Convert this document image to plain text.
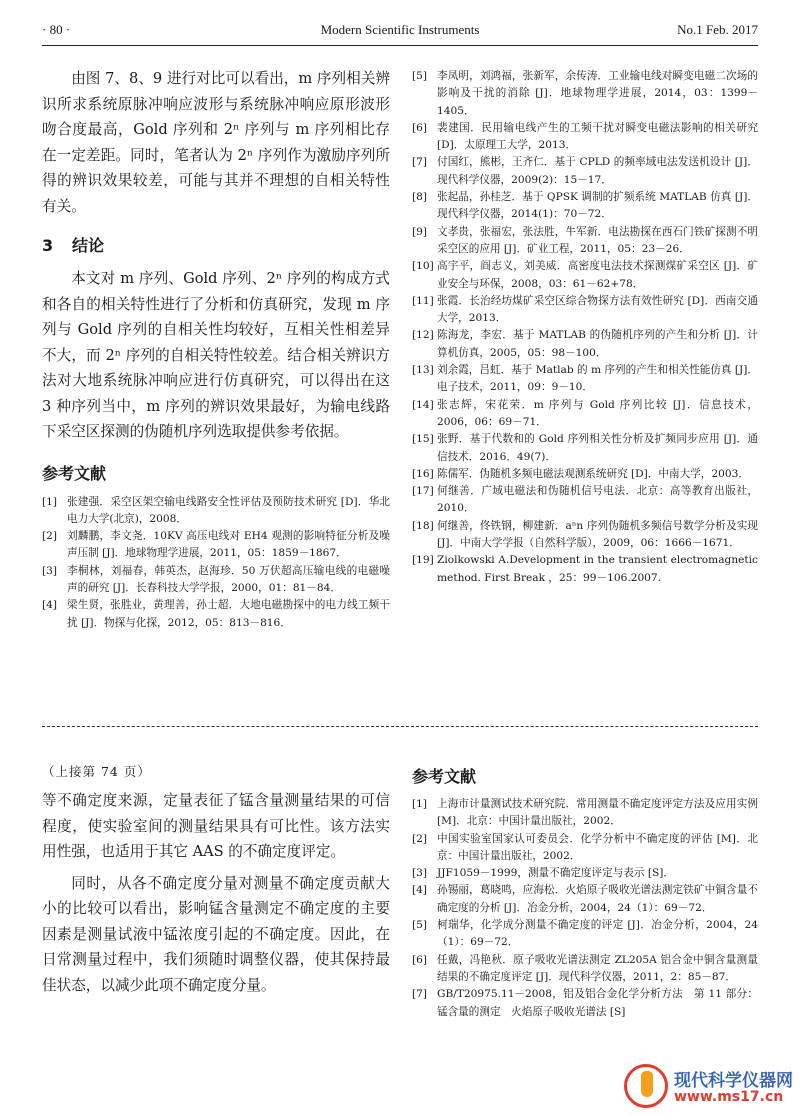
· 80 ·	Modern Scientific Instruments	No.1 Feb. 2017

由图 7、8、9 进行对比可以看出，m 序列相关辨识所求系统原脉冲响应波形与系统脉冲响应原形波形吻合度最高，Gold 序列和 2ⁿ 序列与 m 序列相比存在一定差距。同时，笔者认为 2ⁿ 序列作为激励序列所得的辨识效果较差，可能与其并不理想的自相关特性有关。

3 结论

本文对 m 序列、Gold 序列、2ⁿ 序列的构成方式和各自的相关特性进行了分析和仿真研究，发现 m 序列与 Gold 序列的自相关性均较好，互相关性相差异不大，而 2ⁿ 序列的自相关特性较差。结合相关辨识方法对大地系统脉冲响应进行仿真研究，可以得出在这 3 种序列当中，m 序列的辨识效果最好，为输电线路下采空区探测的伪随机序列选取提供参考依据。

参考文献
[1] 张建强．采空区架空输电线路安全性评估及预防技术研究 [D]．华北电力大学(北京)，2008．
[2] 刘麟鹏，李文尧．10KV 高压电线对 EH4 观测的影响特征分析及噪声压制 [J]．地球物理学进展，2011，05：1859－1867．
[3] 李桐林，刘福春，韩英杰，赵海珍．50 万伏超高压输电线的电磁噪声的研究 [J]．长春科技大学学报，2000，01：81－84．
[4] 梁生贤，张胜业，黄理善，孙士超．大地电磁勘探中的电力线工频干扰 [J]．物探与化探，2012，05：813－816．
[5] 李凤明，刘鸿福，张新军，余传涛．工业输电线对瞬变电磁二次场的影响及干扰的消除 [J]．地球物理学进展，2014，03：1399－1405．
[6] 裴建国．民用输电线产生的工频干扰对瞬变电磁法影响的相关研究 [D]．太原理工大学，2013．
[7] 付国红，熊彬，王齐仁．基于 CPLD 的频率域电法发送机设计 [J]．现代科学仪器，2009(2)：15－17．
[8] 张起晶，孙桂芝．基于 QPSK 调制的扩频系统 MATLAB 仿真 [J]．现代科学仪器，2014(1)：70－72．
[9] 文孝贵，张福宏，张法胜，牛军新．电法勘探在西石门铁矿探测不明采空区的应用 [J]．矿业工程，2011，05：23－26．
[10] 高宇平，阎志义，刘美威．高密度电法技术探测煤矿采空区 [J]．矿业安全与环保，2008，03：61－62+78．
[11] 张霞．长治经坊煤矿采空区综合物探方法有效性研究 [D]．西南交通大学，2013．
[12] 陈海龙，李宏．基于 MATLAB 的伪随机序列的产生和分析 [J]．计算机仿真，2005，05：98－100．
[13] 刘余霞，吕虹．基于 Matlab 的 m 序列的产生和相关性能仿真 [J]．电子技术，2011，09：9－10．
[14] 张志辉，宋花荣．m 序列与 Gold 序列比较 [J]．信息技术，2006，06：69－71．
[15] 张野．基于代数和的 Gold 序列相关性分析及扩频同步应用 [J]．通信技术．2016．49(7)．
[16] 陈儒军．伪随机多频电磁法观测系统研究 [D]．中南大学，2003．
[17] 何继善．广域电磁法和伪随机信号电法．北京：高等教育出版社，2010．
[18] 何继善，佟铁钢，柳建新．aⁿn 序列伪随机多频信号数学分析及实现 [J]．中南大学学报（自然科学版），2009，06：1666－1671．
[19] Ziolkowski A.Development in the transient electromagnetic method. First Break ，25：99－106.2007.
（上接第 74 页）

等不确定度来源，定量表征了锰含量测量结果的可信程度，使实验室间的测量结果具有可比性。该方法实用性强，也适用于其它 AAS 的不确定度评定。

同时，从各不确定度分量对测量不确定度贡献大小的比较可以看出，影响锰含量测定不确定度的主要因素是测量试液中锰浓度引起的不确定度。因此，在日常测量过程中，我们须随时调整仪器，使其保持最佳状态，以减少此项不确定度分量。

参考文献
[1] 上海市计量测试技术研究院．常用测量不确定度评定方法及应用实例 [M]．北京：中国计量出版社，2002．
[2] 中国实验室国家认可委员会．化学分析中不确定度的评估 [M]．北京：中国计量出版社，2002．
[3] JJF1059－1999，测量不确定度评定与表示 [S]．
[4] 孙锡丽，葛晓鸣，应海松．火焰原子吸收光谱法测定铁矿中铜含量不确定度的分析 [J]．冶金分析，2004，24（1）：69－72．
[5] 柯瑞华，化学成分测量不确定度的评定 [J]．冶金分析，2004，24（1）：69－72．
[6] 任戴，冯艳秋．原子吸收光谱法测定 ZL205A 铝合金中铜含量测量结果的不确定度评定 [J]．现代科学仪器，2011，2：85－87．
[7] GB/T20975.11－2008，铝及铝合金化学分析方法　第 11 部分：锰含量的测定　火焰原子吸收光谱法 [S]
现代科学仪器网
www.ms17.cn
